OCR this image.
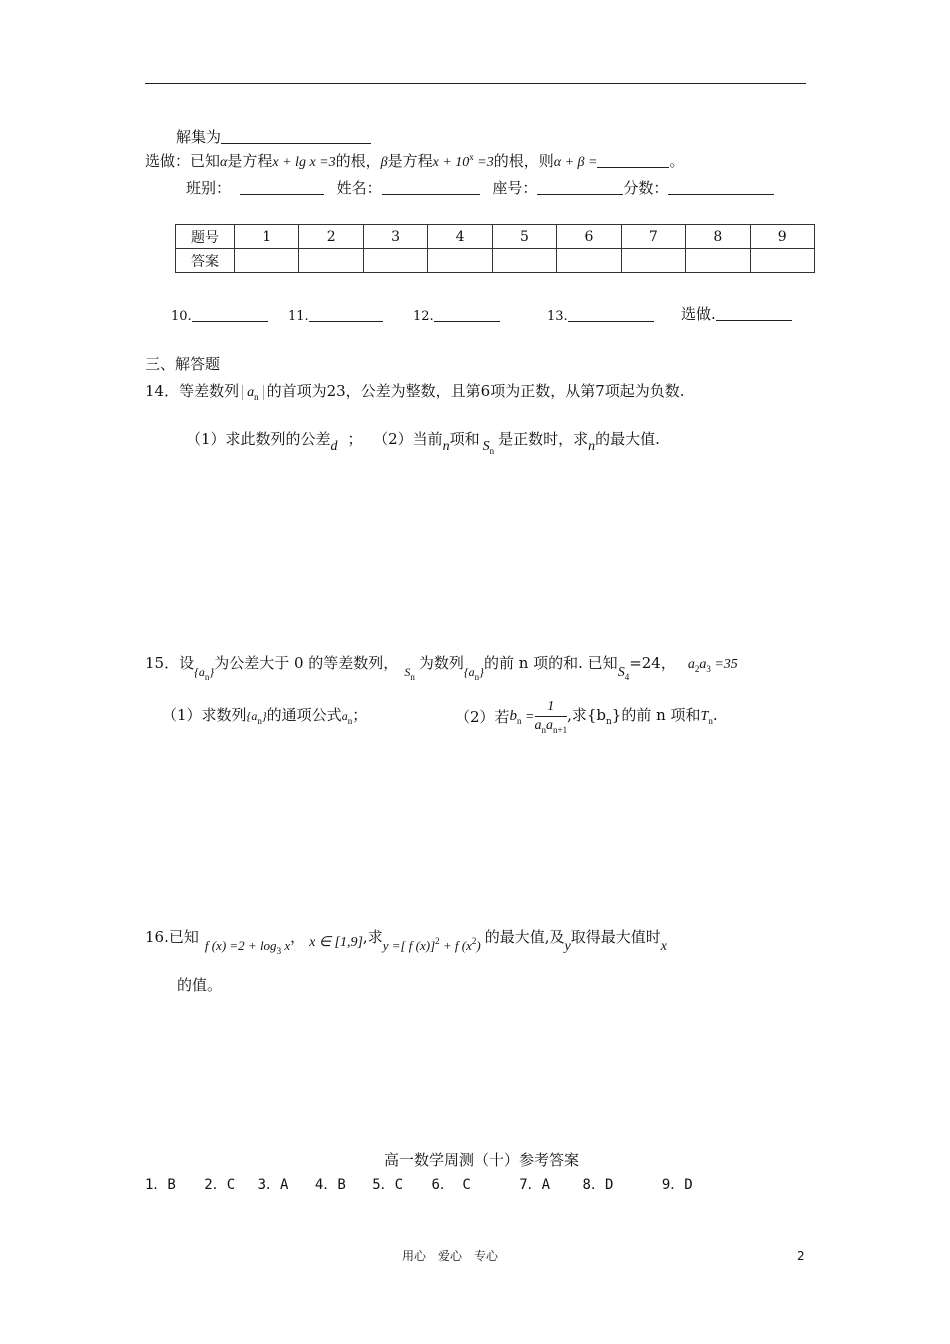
解集为
选做：已知α是方程x + lg x =3的根，β是方程$x + 10^x =3$的根，则α + β =	。
班别：	姓名：	座号：	分数：
题号	1	2	3	4	5	6	7	8	9
答案									
10.	11.	12.	13.	选做.
三、解答题
14．等差数列 $a_n$ 的首项为23，公差为整数，且第6项为正数，从第7项起为负数.
（1）求此数列的公差d ； （2）当前n项和 $S_n$是正数时，求n的最大值.
15．设$_{\{a_n\}}$为公差大于 0 的等差数列， $_{S_n}$为数列$_{\{a_n\}}$的前 n 项的和. 已知$S_4=24$， $a_2a_3 =35$
（1）求数列$\{a_n\}$的通项公式$a_n$；	（2）若$b_n = \frac{1}{a_na_{n+1}}$ ,求$\{b_n\}$的前 n 项和$T_n$.
16.已知 f $(x) =2 + \log_3 x$， x ∈ [1,9],求y =[ f (x)]$^2$ + f $(x^2)$ 的最大值,及y取得最大值时x
的值。
高一数学周测（十）参考答案
1．B 2．C 3．A 4．B 5．C 6． C	7．A 8．D	9．D
用心　爱心　专心	2
